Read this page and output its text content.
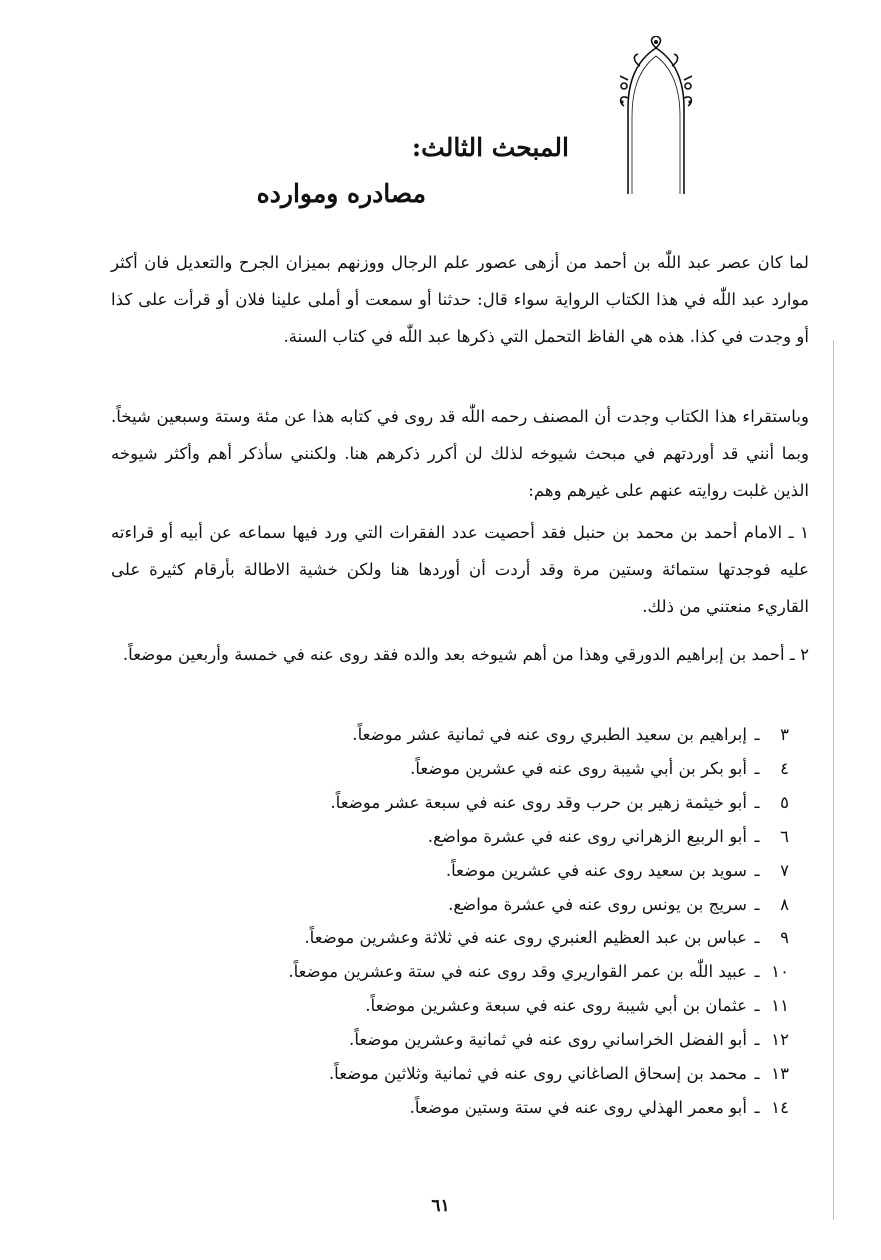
المبحث الثالث:
مصادره وموارده

لما كان عصر عبد اللّٰه بن أحمد من أزهى عصور علم الرجال ووزنهم بميزان الجرح والتعديل فان أكثر موارد عبد اللّٰه في هذا الكتاب الرواية سواء قال: حدثنا أو سمعت أو أملى علينا فلان أو قرأت على كذا أو وجدت في كذا. هذه هي الفاظ التحمل التي ذكرها عبد اللّٰه في كتاب السنة.

وباستقراء هذا الكتاب وجدت أن المصنف رحمه اللّٰه قد روى في كتابه هذا عن مئة وستة وسبعين شيخاً. وبما أنني قد أوردتهم في مبحث شيوخه لذلك لن أكرر ذكرهم هنا. ولكنني سأذكر أهم وأكثر شيوخه الذين غلبت روايته عنهم على غيرهم وهم:

١ ـ الامام أحمد بن محمد بن حنبل فقد أحصيت عدد الفقرات التي ورد فيها سماعه عن أبيه أو قراءته عليه فوجدتها ستمائة وستين مرة وقد أردت أن أوردها هنا ولكن خشية الاطالة بأرقام كثيرة على القاريء منعتني من ذلك.

٢ ـ أحمد بن إبراهيم الدورقي وهذا من أهم شيوخه بعد والده فقد روى عنه في خمسة وأربعين موضعاً.

٣ـإبراهيم بن سعيد الطبري روى عنه في ثمانية عشر موضعاً.
٤ـأبو بكر بن أبي شيبة روى عنه في عشرين موضعاً.
٥ـأبو خيثمة زهير بن حرب وقد روى عنه في سبعة عشر موضعاً.
٦ـأبو الربيع الزهراني روى عنه في عشرة مواضع.
٧ـسويد بن سعيد روى عنه في عشرين موضعاً.
٨ـسريج بن يونس روى عنه في عشرة مواضع.
٩ـعباس بن عبد العظيم العنبري روى عنه في ثلاثة وعشرين موضعاً.
١٠ـعبيد اللّٰه بن عمر القواريري وقد روى عنه في ستة وعشرين موضعاً.
١١ـعثمان بن أبي شيبة روى عنه في سبعة وعشرين موضعاً.
١٢ـأبو الفضل الخراساني روى عنه في ثمانية وعشرين موضعاً.
١٣ـمحمد بن إسحاق الصاغاني روى عنه في ثمانية وثلاثين موضعاً.
١٤ـأبو معمر الهذلي روى عنه في ستة وستين موضعاً.
٦١
